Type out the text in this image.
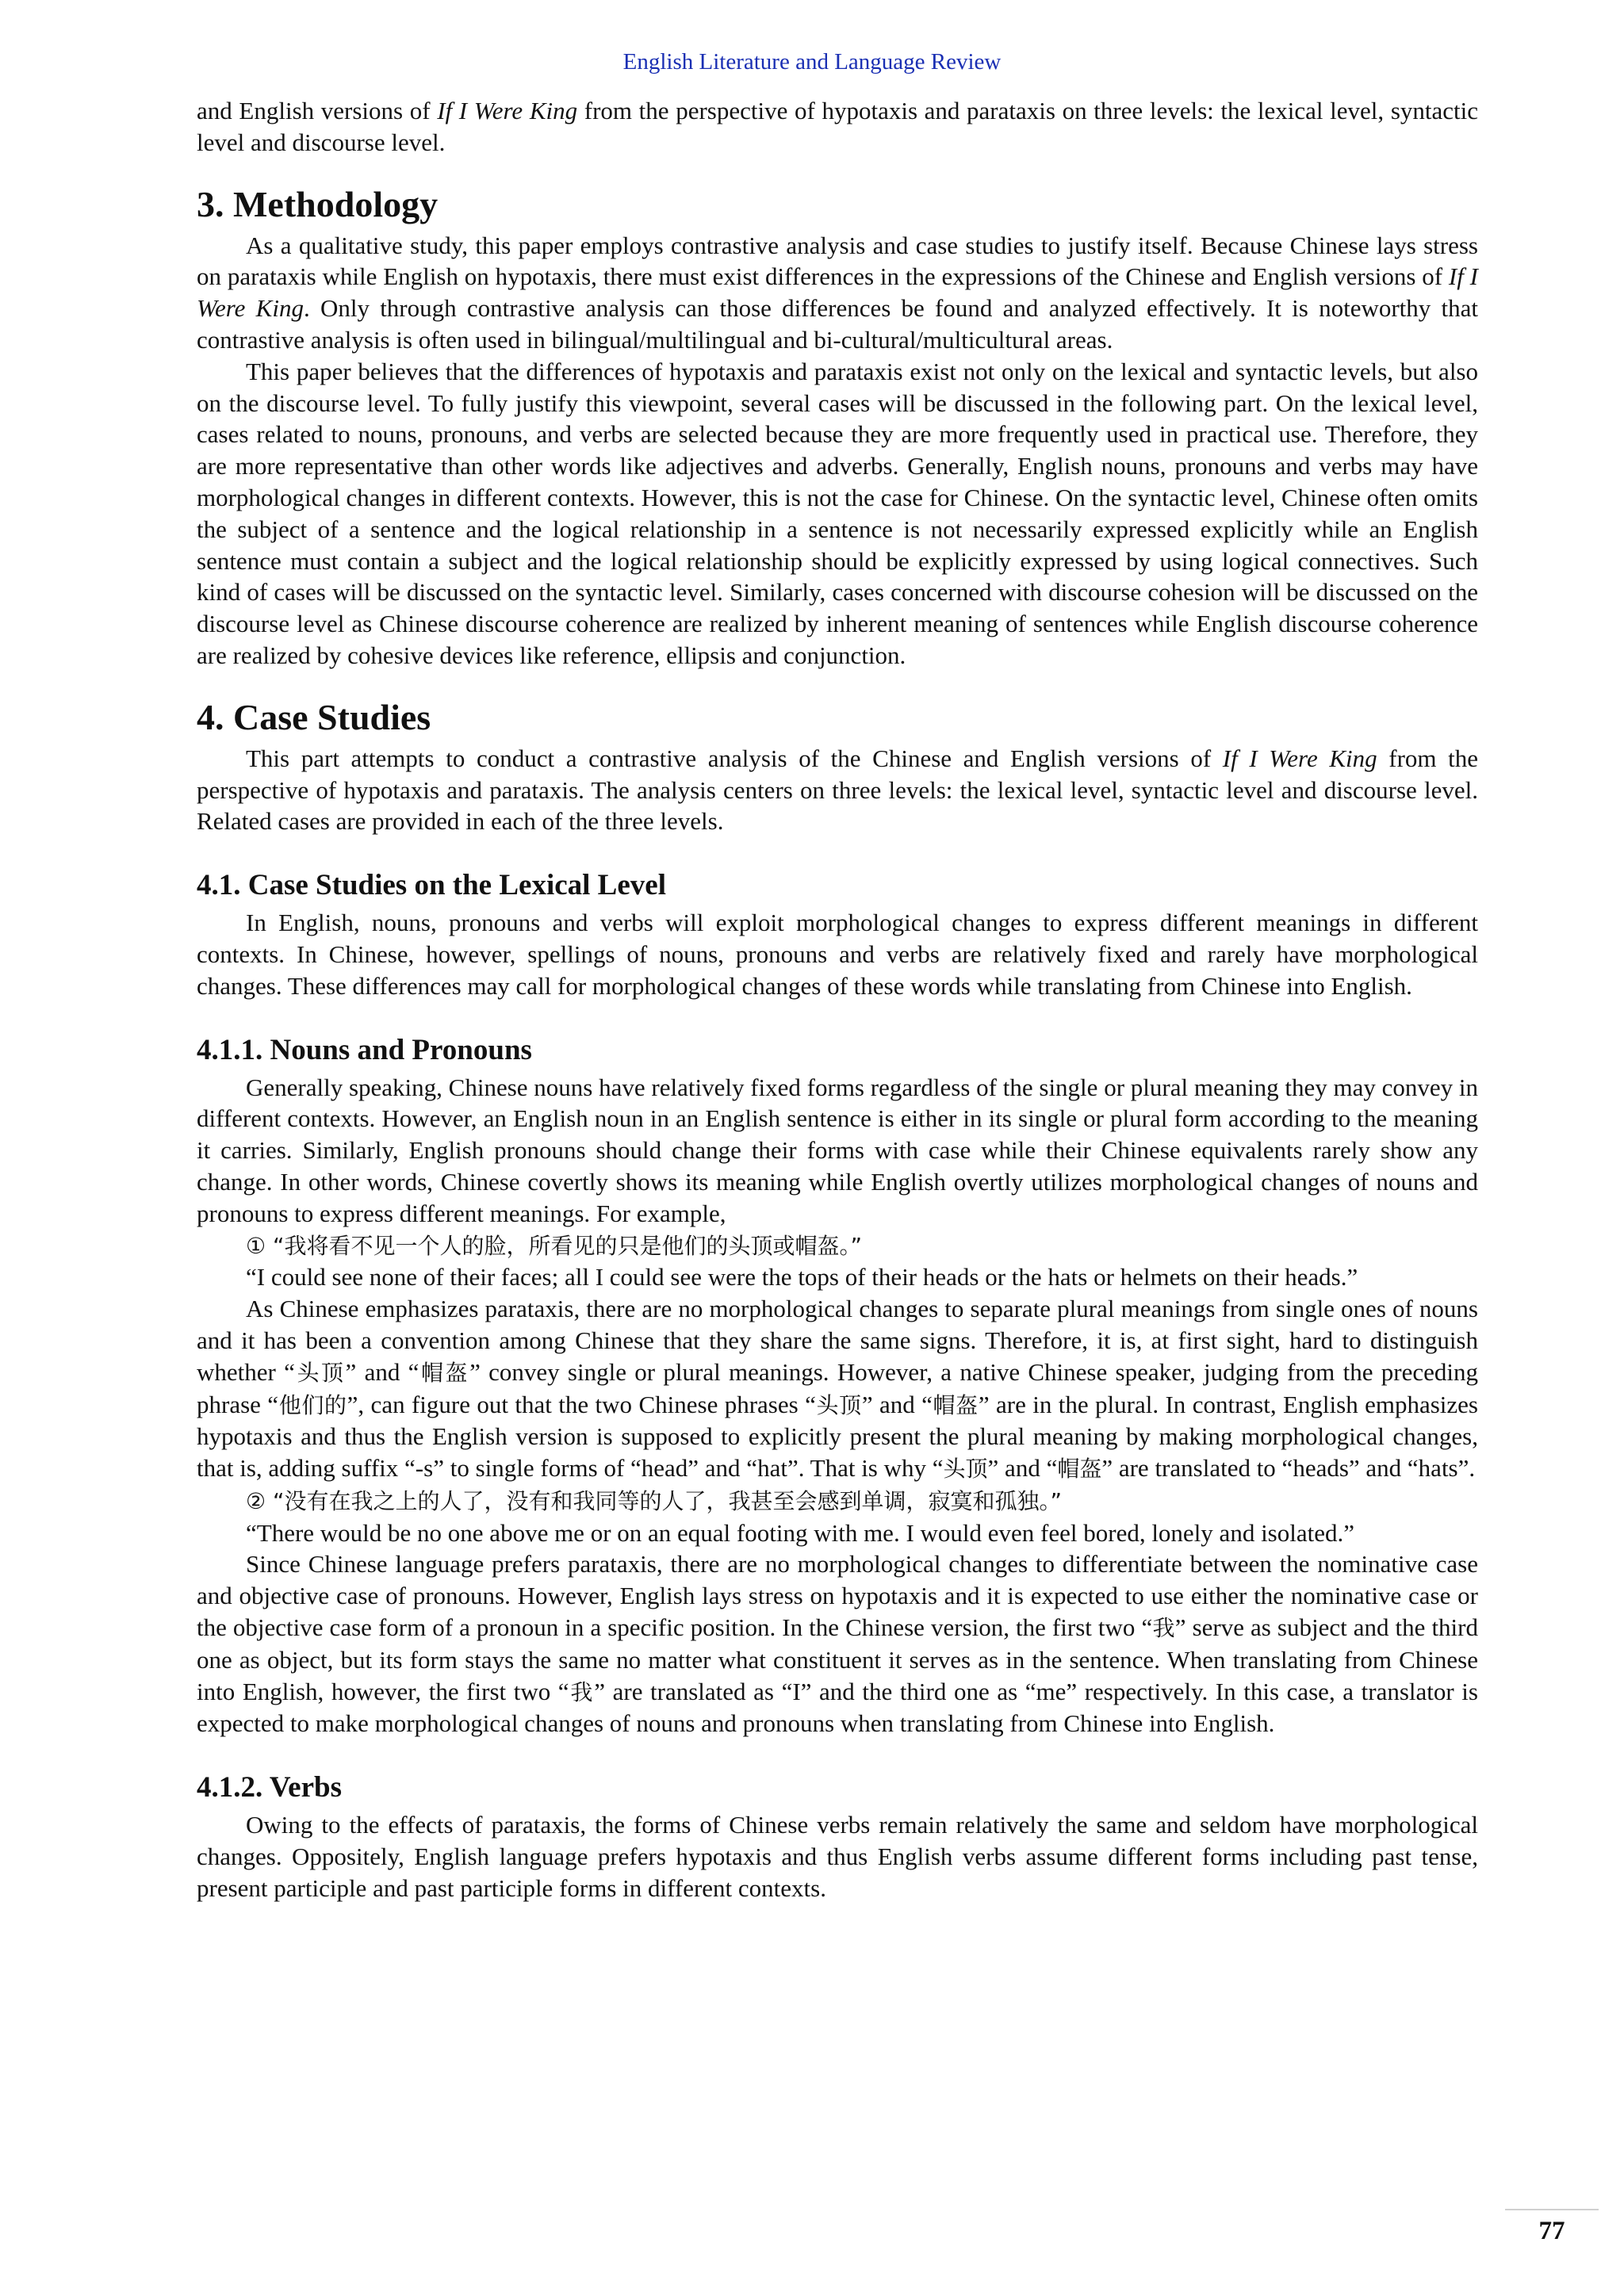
English Literature and Language Review

and English versions of If I Were King from the perspective of hypotaxis and parataxis on three levels: the lexical level, syntactic level and discourse level.

3. Methodology

As a qualitative study, this paper employs contrastive analysis and case studies to justify itself. Because Chinese lays stress on parataxis while English on hypotaxis, there must exist differences in the expressions of the Chinese and English versions of If I Were King. Only through contrastive analysis can those differences be found and analyzed effectively. It is noteworthy that contrastive analysis is often used in bilingual/multilingual and bi-cultural/multicultural areas.

This paper believes that the differences of hypotaxis and parataxis exist not only on the lexical and syntactic levels, but also on the discourse level. To fully justify this viewpoint, several cases will be discussed in the following part. On the lexical level, cases related to nouns, pronouns, and verbs are selected because they are more frequently used in practical use. Therefore, they are more representative than other words like adjectives and adverbs. Generally, English nouns, pronouns and verbs may have morphological changes in different contexts. However, this is not the case for Chinese. On the syntactic level, Chinese often omits the subject of a sentence and the logical relationship in a sentence is not necessarily expressed explicitly while an English sentence must contain a subject and the logical relationship should be explicitly expressed by using logical connectives. Such kind of cases will be discussed on the syntactic level. Similarly, cases concerned with discourse cohesion will be discussed on the discourse level as Chinese discourse coherence are realized by inherent meaning of sentences while English discourse coherence are realized by cohesive devices like reference, ellipsis and conjunction.

4. Case Studies

This part attempts to conduct a contrastive analysis of the Chinese and English versions of If I Were King from the perspective of hypotaxis and parataxis. The analysis centers on three levels: the lexical level, syntactic level and discourse level. Related cases are provided in each of the three levels.

4.1. Case Studies on the Lexical Level

In English, nouns, pronouns and verbs will exploit morphological changes to express different meanings in different contexts. In Chinese, however, spellings of nouns, pronouns and verbs are relatively fixed and rarely have morphological changes. These differences may call for morphological changes of these words while translating from Chinese into English.

4.1.1. Nouns and Pronouns

Generally speaking, Chinese nouns have relatively fixed forms regardless of the single or plural meaning they may convey in different contexts. However, an English noun in an English sentence is either in its single or plural form according to the meaning it carries. Similarly, English pronouns should change their forms with case while their Chinese equivalents rarely show any change. In other words, Chinese covertly shows its meaning while English overtly utilizes morphological changes of nouns and pronouns to express different meanings. For example,

① “我将看不见一个人的脸，所看见的只是他们的头顶或帽盔。”

“I could see none of their faces; all I could see were the tops of their heads or the hats or helmets on their heads.”

As Chinese emphasizes parataxis, there are no morphological changes to separate plural meanings from single ones of nouns and it has been a convention among Chinese that they share the same signs. Therefore, it is, at first sight, hard to distinguish whether “头顶” and “帽盔” convey single or plural meanings. However, a native Chinese speaker, judging from the preceding phrase “他们的”, can figure out that the two Chinese phrases “头顶” and “帽盔” are in the plural. In contrast, English emphasizes hypotaxis and thus the English version is supposed to explicitly present the plural meaning by making morphological changes, that is, adding suffix “-s” to single forms of “head” and “hat”. That is why “头顶” and “帽盔” are translated to “heads” and “hats”.

② “没有在我之上的人了，没有和我同等的人了，我甚至会感到单调，寂寞和孤独。”

“There would be no one above me or on an equal footing with me. I would even feel bored, lonely and isolated.”

Since Chinese language prefers parataxis, there are no morphological changes to differentiate between the nominative case and objective case of pronouns. However, English lays stress on hypotaxis and it is expected to use either the nominative case or the objective case form of a pronoun in a specific position. In the Chinese version, the first two “我” serve as subject and the third one as object, but its form stays the same no matter what constituent it serves as in the sentence. When translating from Chinese into English, however, the first two “我” are translated as “I” and the third one as “me” respectively. In this case, a translator is expected to make morphological changes of nouns and pronouns when translating from Chinese into English.

4.1.2. Verbs

Owing to the effects of parataxis, the forms of Chinese verbs remain relatively the same and seldom have morphological changes. Oppositely, English language prefers hypotaxis and thus English verbs assume different forms including past tense, present participle and past participle forms in different contexts.

77
